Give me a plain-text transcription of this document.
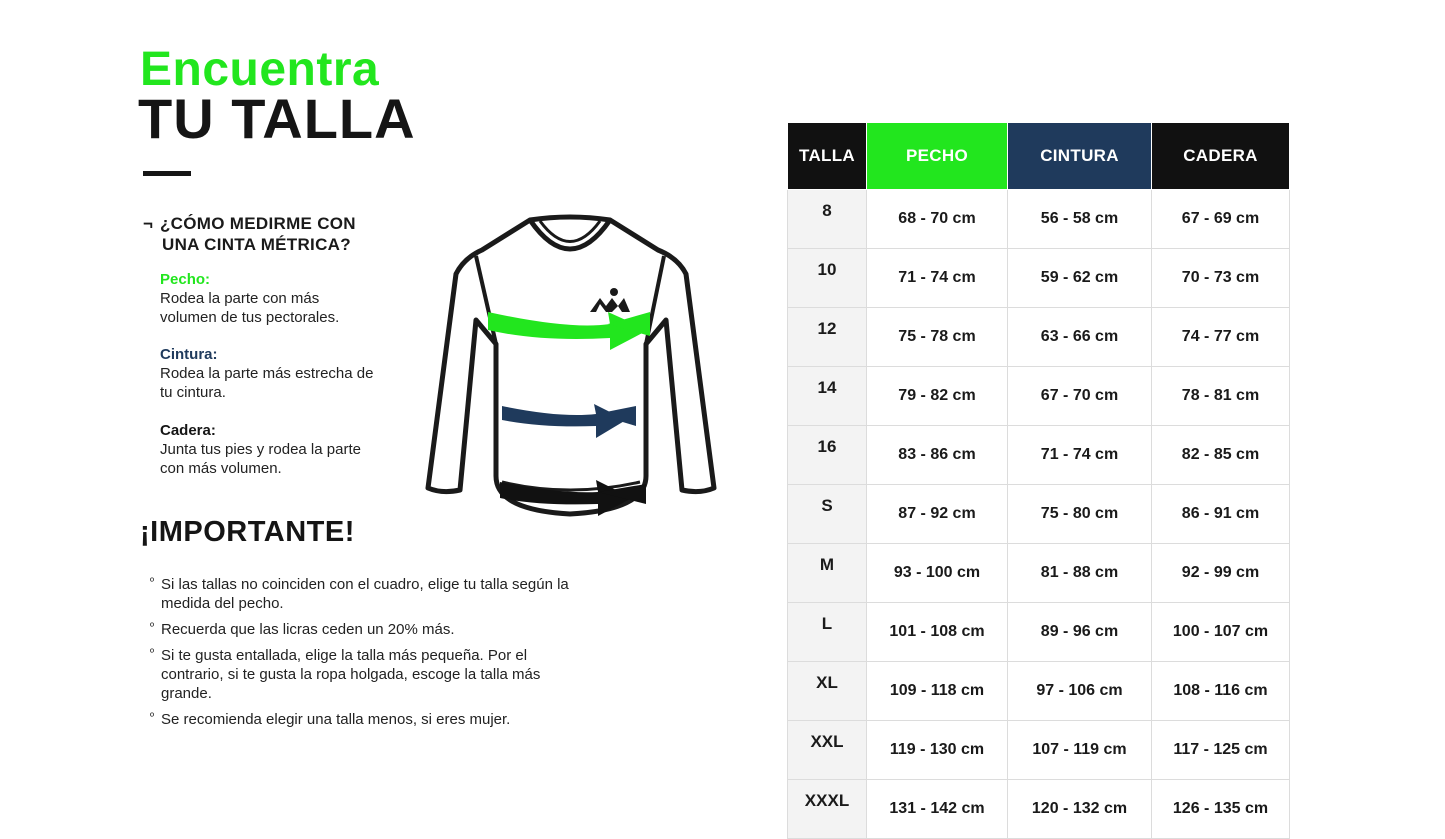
Encuentra
TU TALLA
¬ ¿CÓMO MEDIRME CON
UNA CINTA MÉTRICA?
Pecho:
Rodea la parte con más volumen de tus pectorales.
Cintura:
Rodea la parte más estrecha de tu cintura.
Cadera:
Junta tus pies y rodea la parte con más volumen.
¡IMPORTANTE!
º Si las tallas no coinciden con el cuadro, elige tu talla según la medida del pecho.
º Recuerda que las licras ceden un 20% más.
º Si te gusta entallada, elige la talla más pequeña. Por el contrario, si te gusta la ropa holgada, escoge la talla más grande.
º Se recomienda elegir una talla menos, si eres mujer.
TALLA	PECHO	CINTURA	CADERA
8	68 - 70 cm	56 - 58 cm	67 - 69 cm
10	71 - 74 cm	59 - 62 cm	70 - 73 cm
12	75 - 78 cm	63 - 66 cm	74 - 77 cm
14	79 - 82 cm	67 - 70 cm	78 - 81 cm
16	83 - 86 cm	71 - 74 cm	82 - 85 cm
S	87 - 92 cm	75 - 80 cm	86 - 91 cm
M	93 - 100 cm	81 - 88 cm	92 - 99 cm
L	101 - 108 cm	89 - 96 cm	100 - 107 cm
XL	109 - 118 cm	97 - 106 cm	108 - 116 cm
XXL	119 - 130 cm	107 - 119 cm	117 - 125 cm
XXXL	131 - 142 cm	120 - 132 cm	126 - 135 cm
